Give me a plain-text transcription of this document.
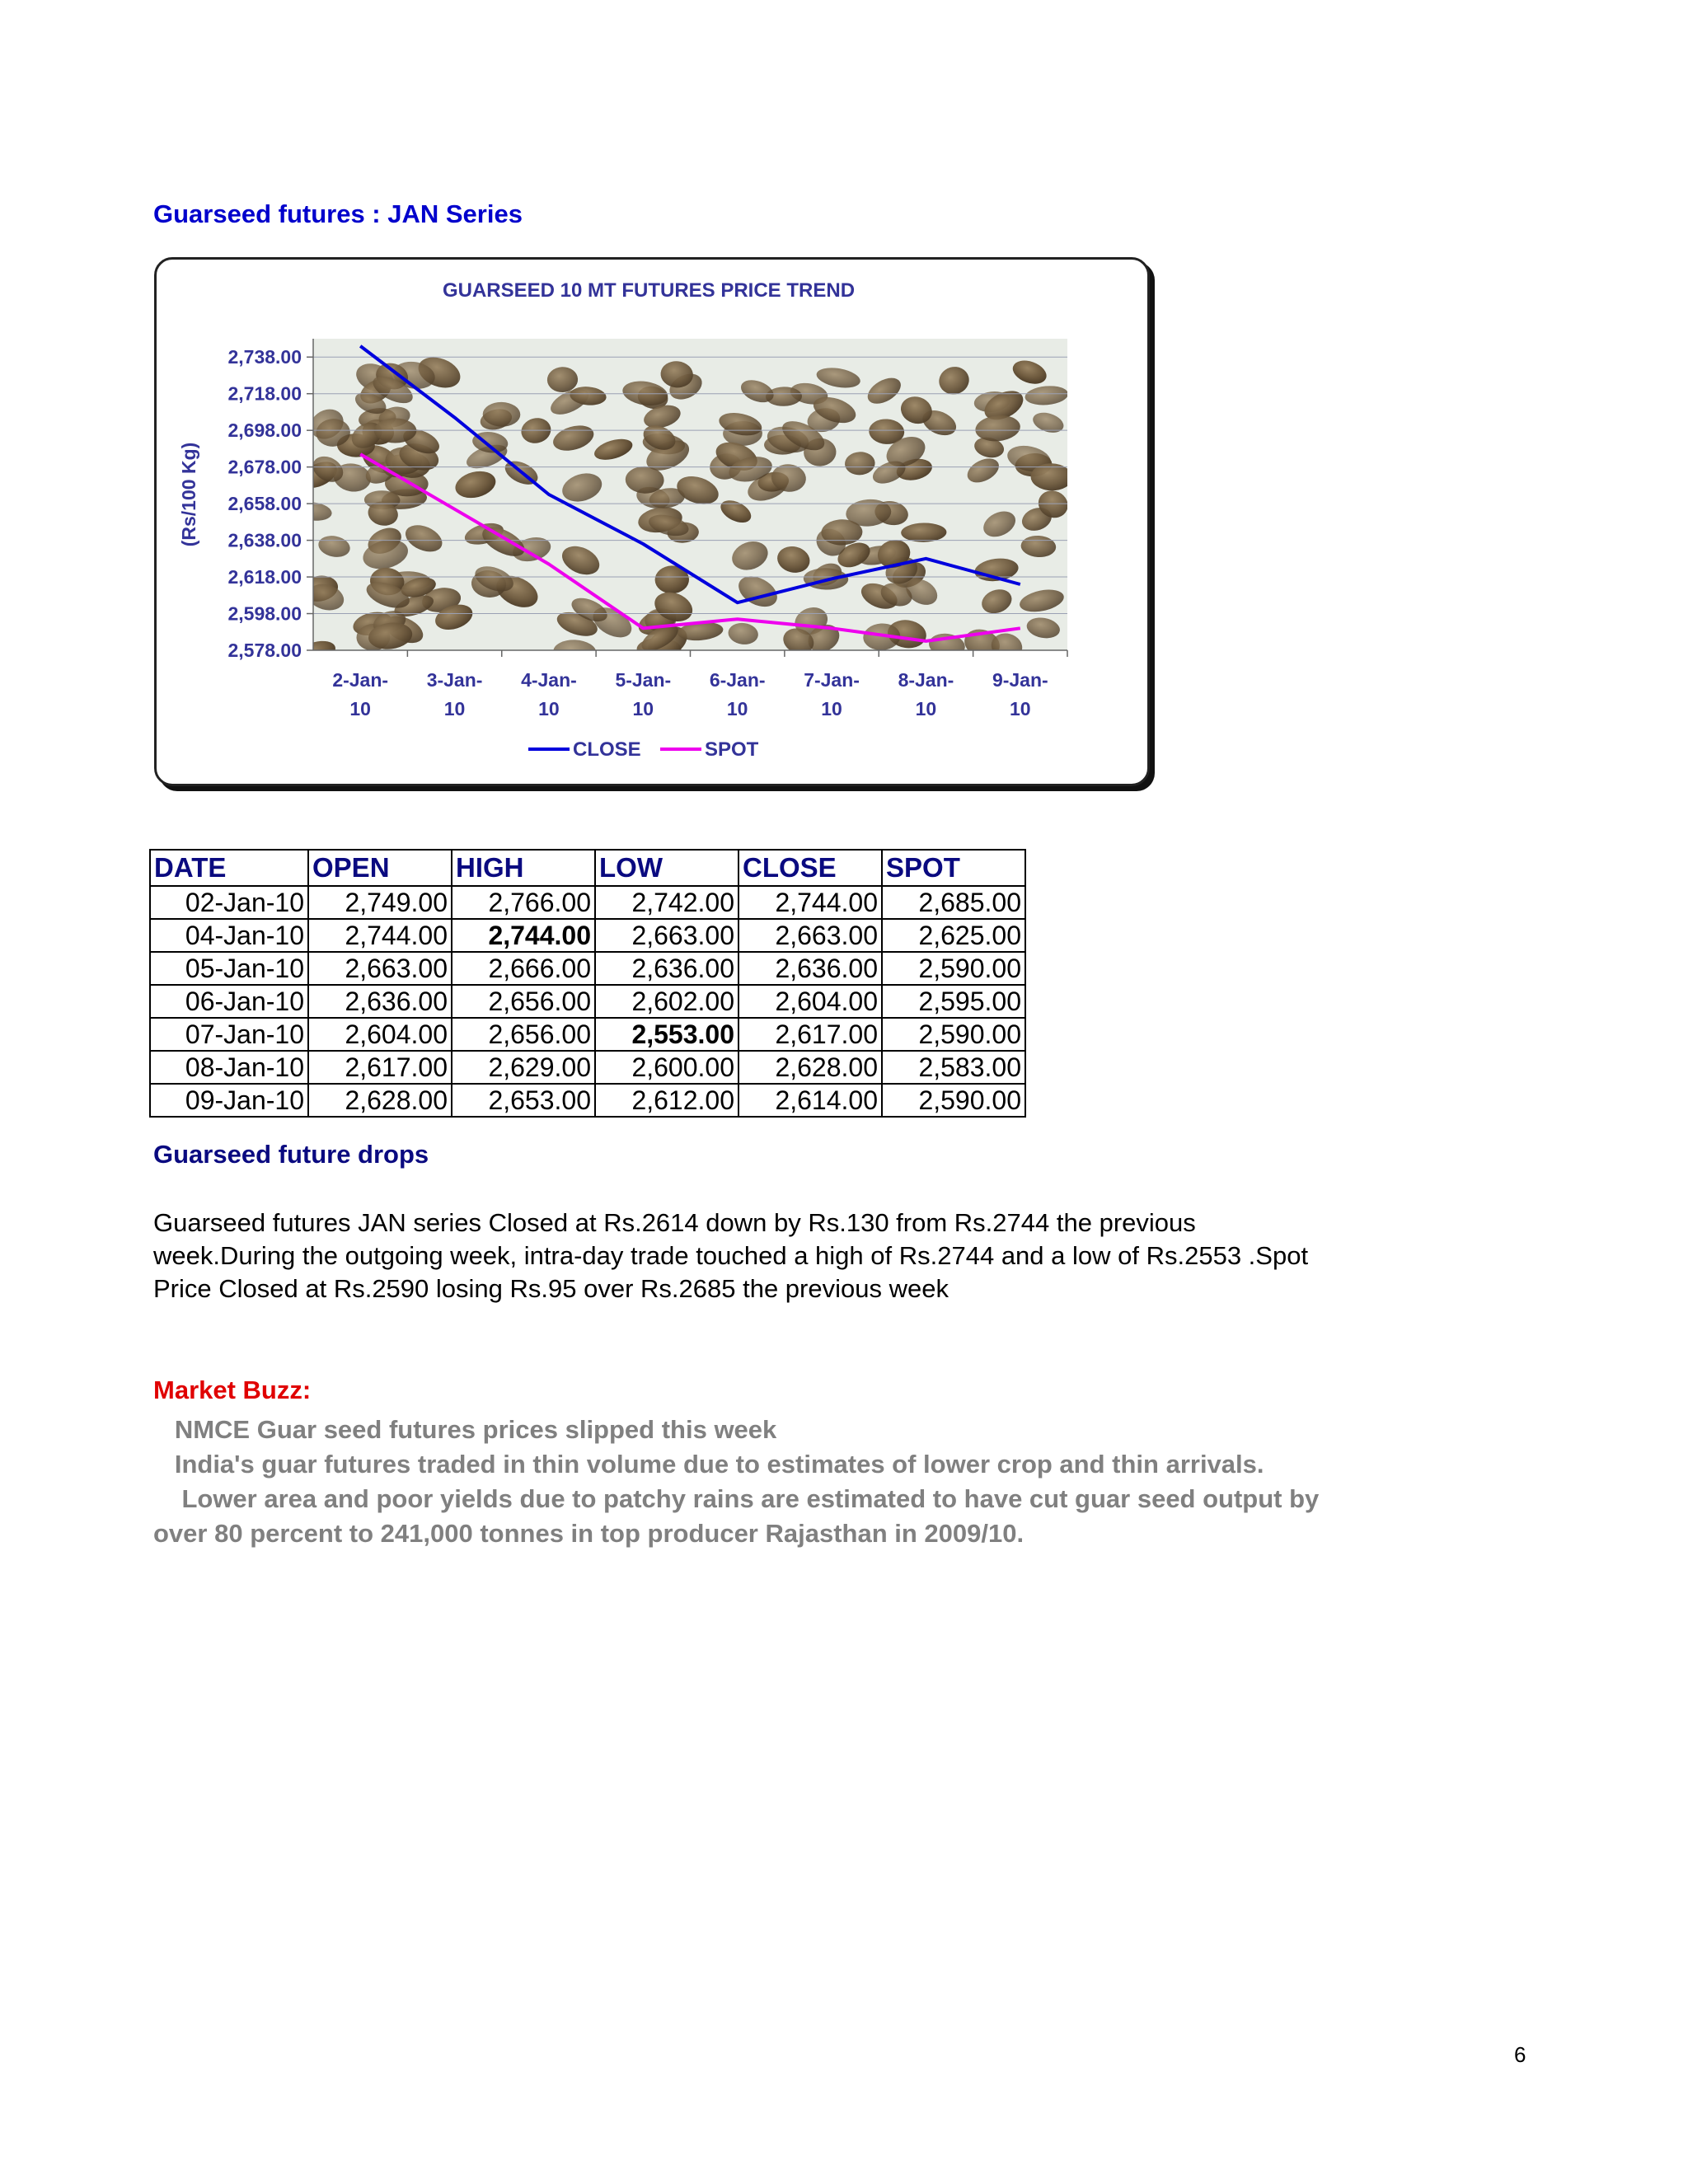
Guarseed futures : JAN Series
GUARSEED 10 MT FUTURES PRICE TREND
2,738.00
2,718.00
2,698.00
2,678.00
2,658.00
2,638.00
2,618.00
2,598.00
2,578.00
2-Jan-10
3-Jan-10
4-Jan-10
5-Jan-10
6-Jan-10
7-Jan-10
8-Jan-10
9-Jan-10
(Rs/100 Kg)
CLOSE	SPOT
DATE	OPEN	HIGH	LOW	CLOSE	SPOT
02-Jan-10	2,749.00	2,766.00	2,742.00	2,744.00	2,685.00
04-Jan-10	2,744.00	2,744.00	2,663.00	2,663.00	2,625.00
05-Jan-10	2,663.00	2,666.00	2,636.00	2,636.00	2,590.00
06-Jan-10	2,636.00	2,656.00	2,602.00	2,604.00	2,595.00
07-Jan-10	2,604.00	2,656.00	2,553.00	2,617.00	2,590.00
08-Jan-10	2,617.00	2,629.00	2,600.00	2,628.00	2,583.00
09-Jan-10	2,628.00	2,653.00	2,612.00	2,614.00	2,590.00
Guarseed future drops
Guarseed futures JAN series Closed at Rs.2614 down by Rs.130 from Rs.2744 the previous
week.During the outgoing week, intra-day trade touched a high of Rs.2744 and a low of Rs.2553 .Spot
Price Closed at Rs.2590 losing Rs.95 over Rs.2685 the previous week
Market Buzz:
NMCE Guar seed futures prices slipped this week
India's guar futures traded in thin volume due to estimates of lower crop and thin arrivals.
Lower area and poor yields due to patchy rains are estimated to have cut guar seed output by
over 80 percent to 241,000 tonnes in top producer Rajasthan in 2009/10.
6
